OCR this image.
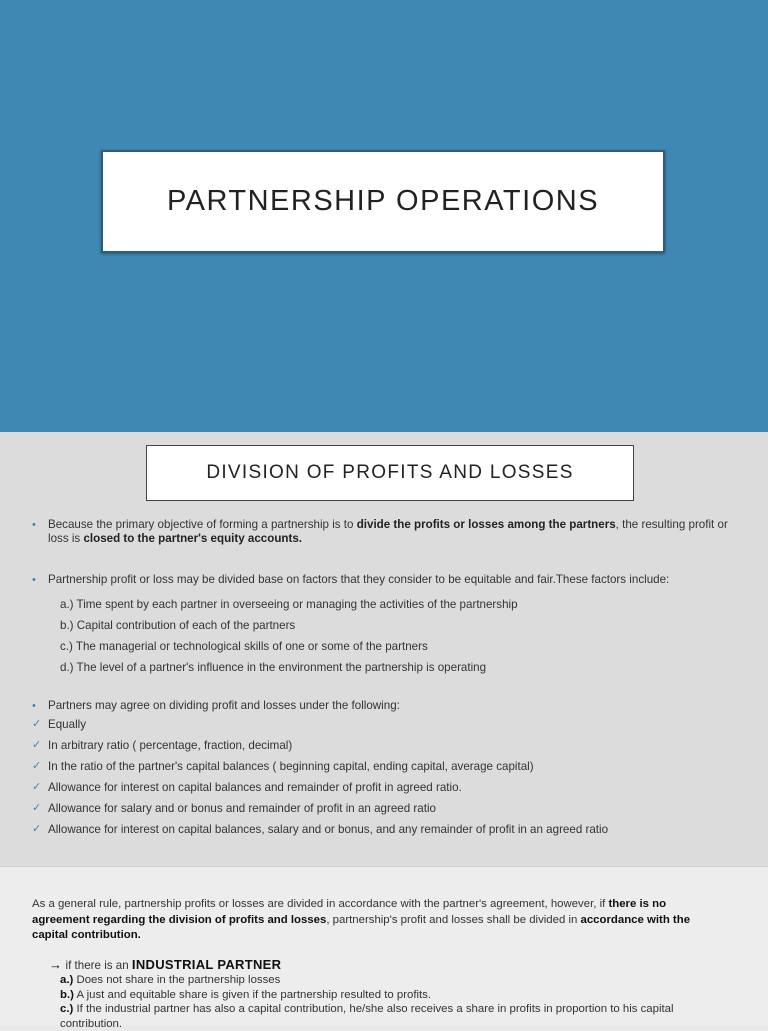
PARTNERSHIP OPERATIONS
DIVISION OF PROFITS AND LOSSES
• Because the primary objective of forming a partnership is to divide the profits or losses among the partners, the resulting profit or loss is closed to the partner's equity accounts.
• Partnership profit or loss may be divided base on factors that they consider to be equitable and fair.These factors include:
a.) Time spent by each partner in overseeing or managing the activities of the partnership
b.) Capital contribution of each of the partners
c.) The managerial or technological skills of one or some of the partners
d.) The level of a partner's influence in the environment the partnership is operating
• Partners may agree on dividing profit and losses under the following:
✓ Equally
✓ In arbitrary ratio ( percentage, fraction, decimal)
✓ In the ratio of the partner's capital balances ( beginning capital, ending capital, average capital)
✓ Allowance for interest on capital balances and remainder of profit in agreed ratio.
✓ Allowance for salary and or bonus and remainder of profit in an agreed ratio
✓ Allowance for interest on capital balances, salary and or bonus, and any remainder of profit in an agreed ratio
As a general rule, partnership profits or losses are divided in accordance with the partner's agreement, however, if there is no agreement regarding the division of profits and losses, partnership's profit and losses shall be divided in accordance with the capital contribution.
→ if there is an INDUSTRIAL PARTNER
a.) Does not share in the partnership losses
b.) A just and equitable share is given if the partnership resulted to profits.
c.) If the industrial partner has also a capital contribution, he/she also receives a share in profits in proportion to his capital contribution.
